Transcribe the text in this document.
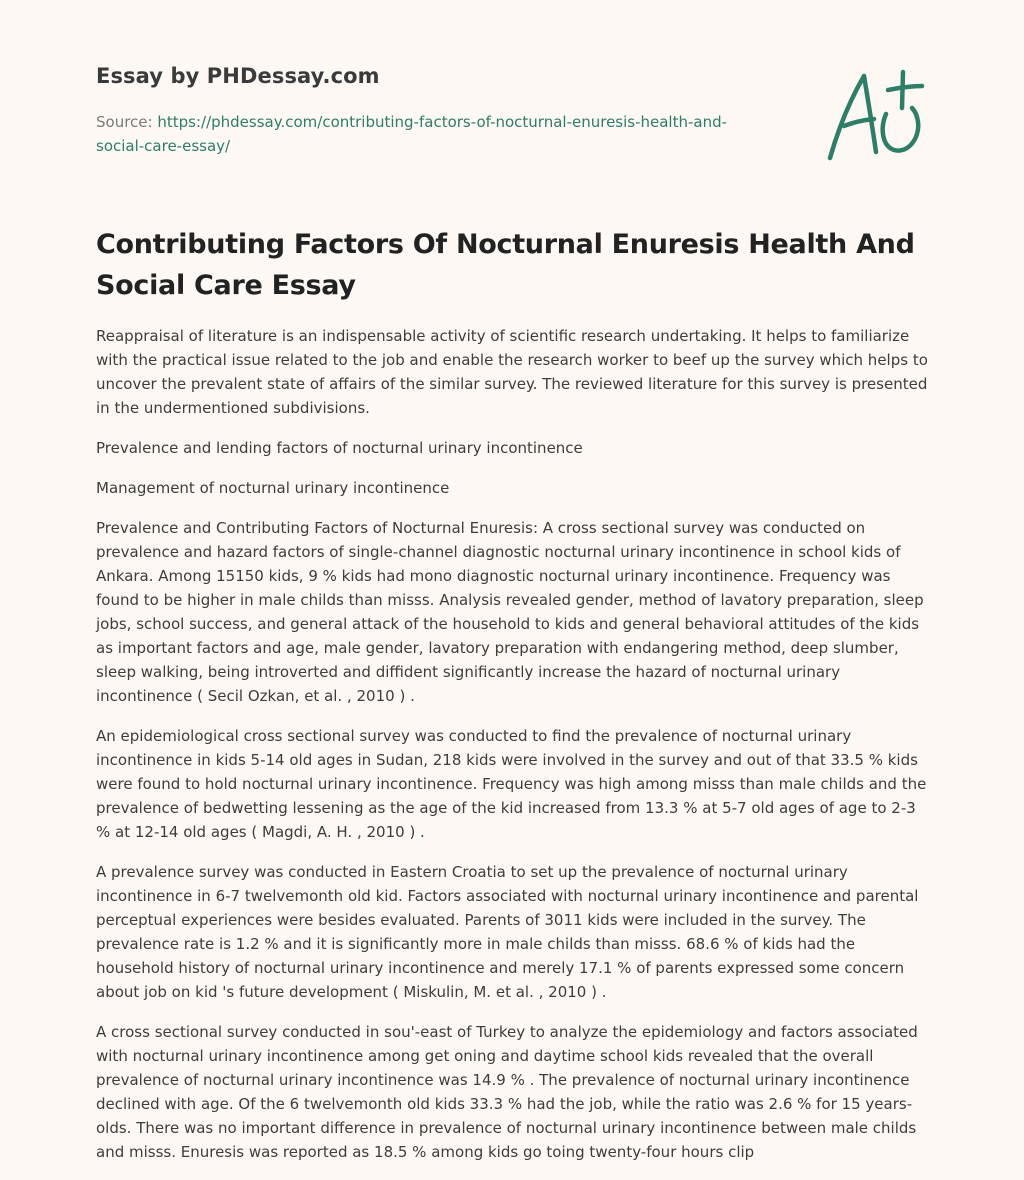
Essay by PHDessay.com
Source: https://phdessay.com/contributing-factors-of-nocturnal-enuresis-health-and-social-care-essay/
Contributing Factors Of Nocturnal Enuresis Health And Social Care Essay

Reappraisal of literature is an indispensable activity of scientific research undertaking. It helps to familiarize with the practical issue related to the job and enable the research worker to beef up the survey which helps to uncover the prevalent state of affairs of the similar survey. The reviewed literature for this survey is presented in the undermentioned subdivisions.

Prevalence and lending factors of nocturnal urinary incontinence

Management of nocturnal urinary incontinence

Prevalence and Contributing Factors of Nocturnal Enuresis: A cross sectional survey was conducted on prevalence and hazard factors of single-channel diagnostic nocturnal urinary incontinence in school kids of Ankara. Among 15150 kids, 9 % kids had mono diagnostic nocturnal urinary incontinence. Frequency was found to be higher in male childs than misss. Analysis revealed gender, method of lavatory preparation, sleep jobs, school success, and general attack of the household to kids and general behavioral attitudes of the kids as important factors and age, male gender, lavatory preparation with endangering method, deep slumber, sleep walking, being introverted and diffident significantly increase the hazard of nocturnal urinary incontinence ( Secil Ozkan, et al. , 2010 ) .

An epidemiological cross sectional survey was conducted to find the prevalence of nocturnal urinary incontinence in kids 5-14 old ages in Sudan, 218 kids were involved in the survey and out of that 33.5 % kids were found to hold nocturnal urinary incontinence. Frequency was high among misss than male childs and the prevalence of bedwetting lessening as the age of the kid increased from 13.3 % at 5-7 old ages of age to 2-3 % at 12-14 old ages ( Magdi, A. H. , 2010 ) .

A prevalence survey was conducted in Eastern Croatia to set up the prevalence of nocturnal urinary incontinence in 6-7 twelvemonth old kid. Factors associated with nocturnal urinary incontinence and parental perceptual experiences were besides evaluated. Parents of 3011 kids were included in the survey. The prevalence rate is 1.2 % and it is significantly more in male childs than misss. 68.6 % of kids had the household history of nocturnal urinary incontinence and merely 17.1 % of parents expressed some concern about job on kid 's future development ( Miskulin, M. et al. , 2010 ) .

A cross sectional survey conducted in sou'-east of Turkey to analyze the epidemiology and factors associated with nocturnal urinary incontinence among get oning and daytime school kids revealed that the overall prevalence of nocturnal urinary incontinence was 14.9 % . The prevalence of nocturnal urinary incontinence declined with age. Of the 6 twelvemonth old kids 33.3 % had the job, while the ratio was 2.6 % for 15 years-olds. There was no important difference in prevalence of nocturnal urinary incontinence between male childs and misss. Enuresis was reported as 18.5 % among kids go toing twenty-four hours clip
